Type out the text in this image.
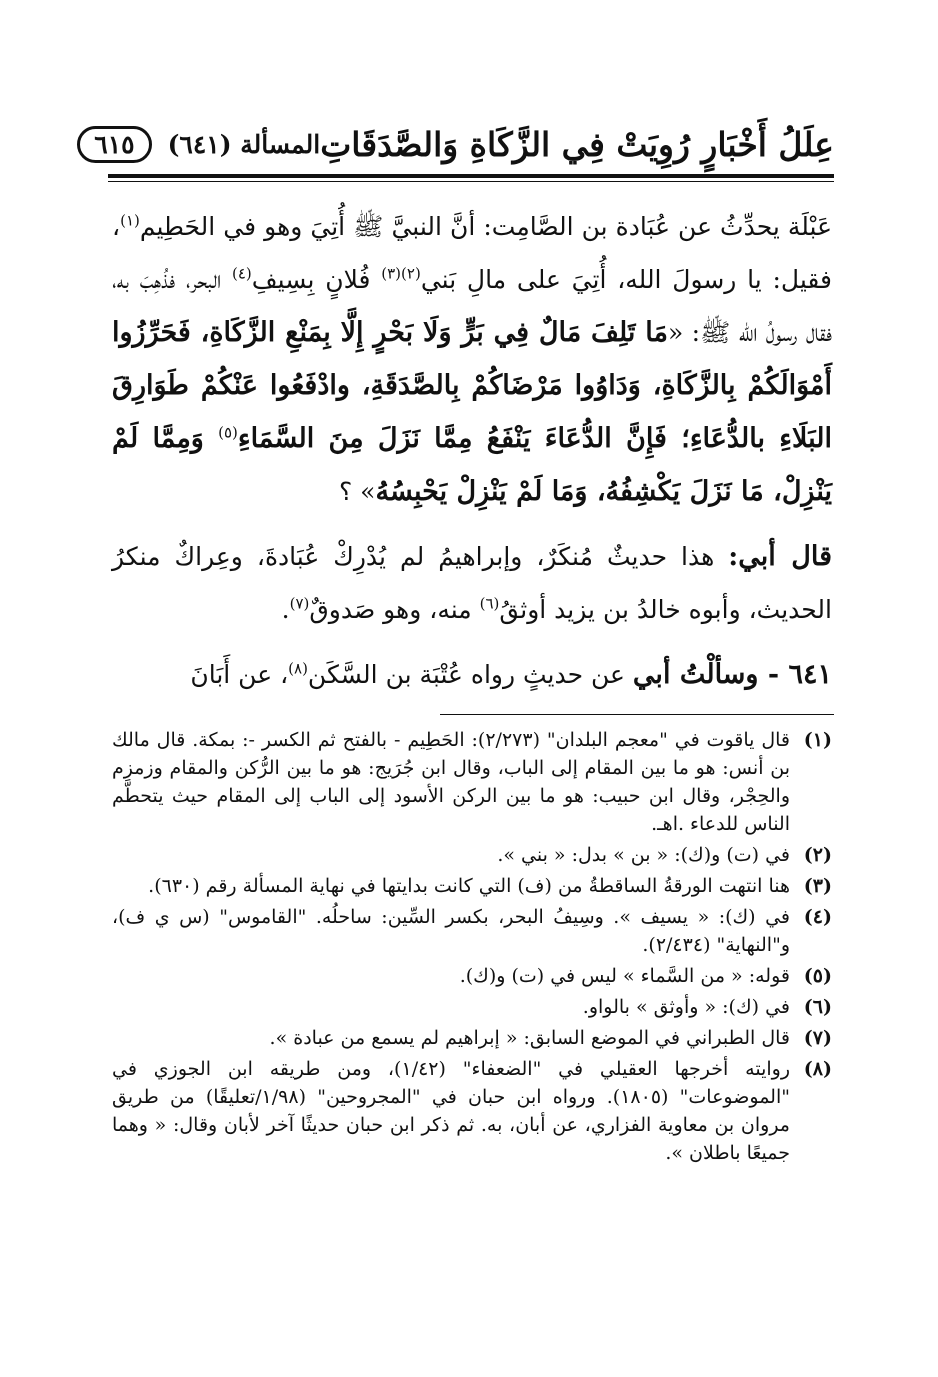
عِلَلُ أَخْبَارٍ رُوِيَتْ فِي الزَّكَاةِ وَالصَّدَقَاتِ
المسألة (٦٤١)
٦١٥

عَبْلَة يحدِّثُ عن عُبَادة بن الصَّامِت: أنَّ النبيَّ ﷺ أُتِيَ وهو في الحَطِيم$^{(١)}$، فقيل: يا رسولَ الله، أُتِيَ على مالِ بَني$^{(٢)(٣)}$ فُلانٍ بِسِيفِ$^{(٤)}$ البحر، فذُهِبَ به، فقال رسولُ الله ﷺ: «مَا تَلِفَ مَالٌ فِي بَرٍّ وَلَا بَحْرٍ إِلَّا بِمَنْعِ الزَّكَاةِ، فَحَرِّزُوا أَمْوَالَكُمْ بِالزَّكَاةِ، وَدَاوُوا مَرْضَاكُمْ بِالصَّدَقَةِ، وادْفَعُوا عَنْكُمْ طَوَارِقَ البَلَاءِ بالدُّعَاءِ؛ فَإِنَّ الدُّعَاءَ يَنْفَعُ مِمَّا نَزَلَ مِنَ السَّمَاءِ$^{(٥)}$ وَمِمَّا لَمْ يَنْزِلْ، مَا نَزَلَ يَكْشِفُهُ، وَمَا لَمْ يَنْزِلْ يَحْبِسُهُ» ؟

قال أبي: هذا حديثٌ مُنكَرٌ، وإبراهيمُ لم يُدْرِكْ عُبَادةَ، وعِراكٌ منكرُ الحديث، وأبوه خالدُ بن يزيد أوثقُ$^{(٦)}$ منه، وهو صَدوقٌ$^{(٧)}$.

٦٤١ - وسألْتُ أبي عن حديثٍ رواه عُتْبَة بن السَّكَن$^{(٨)}$، عن أَبَانَ

(١)
قال ياقوت في "معجم البلدان" (٢/٢٧٣): الحَطِيم - بالفتح ثم الكسر -: بمكة. قال مالك بن أنس: هو ما بين المقام إلى الباب، وقال ابن جُرَيج: هو ما بين الرُّكن والمقام وزمزم والحِجْر، وقال ابن حبيب: هو ما بين الركن الأسود إلى الباب إلى المقام حيث يتحطَّم الناس للدعاء .اهـ.
(٢)
في (ت) و(ك): « بن » بدل: « بني ».
(٣)
هنا انتهت الورقةُ الساقطةُ من (ف) التي كانت بدايتها في نهاية المسألة رقم (٦٣٠).
(٤)
في (ك): « يسيف ». وسِيفُ البحر، بكسر السِّين: ساحلُه. "القاموس" (س ي ف)، و"النهاية" (٢/٤٣٤).
(٥)
قوله: « من السَّماء » ليس في (ت) و(ك).
(٦)
في (ك): « وأوثق » بالواو.
(٧)
قال الطبراني في الموضع السابق: « إبراهيم لم يسمع من عبادة ».
(٨)
روايته أخرجها العقيلي في "الضعفاء" (١/٤٢)، ومن طريقه ابن الجوزي في "الموضوعات" (١٨٠٥). ورواه ابن حبان في "المجروحين" (١/٩٨/تعليقًا) من طريق مروان بن معاوية الفزاري، عن أبان، به. ثم ذكر ابن حبان حديثًا آخر لأبان وقال: « وهما جميعًا باطلان ».
